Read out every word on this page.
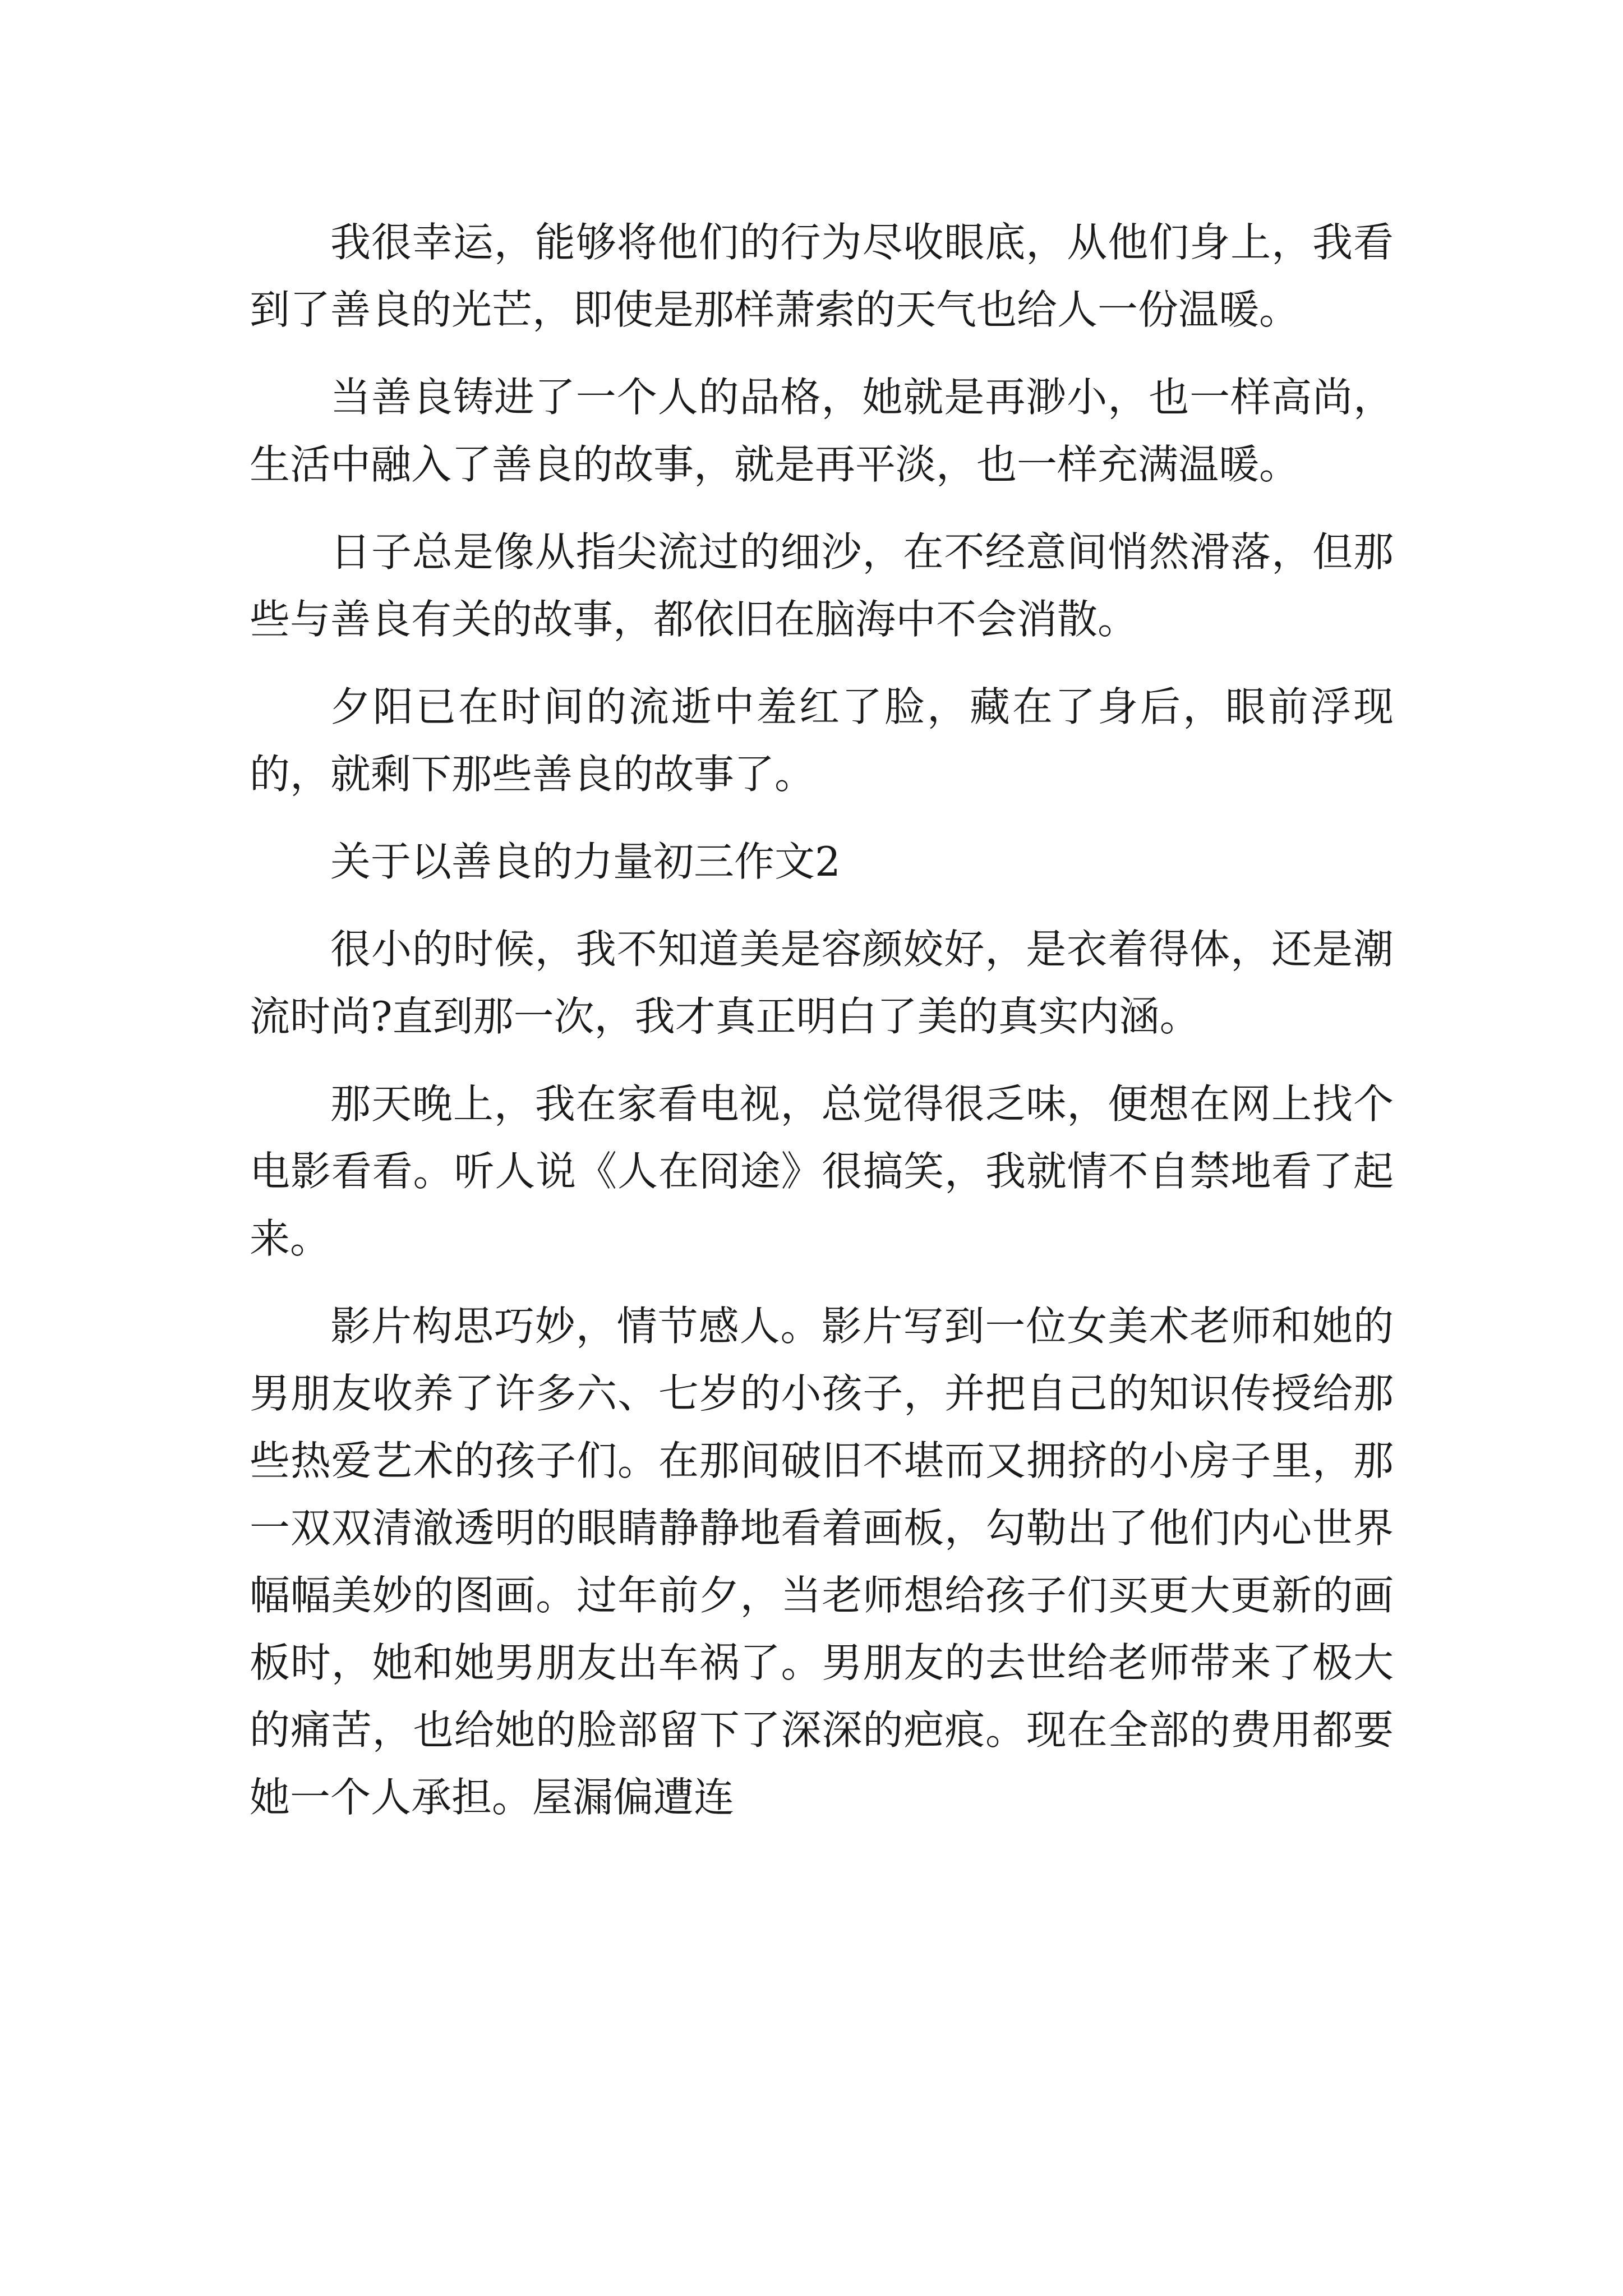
我很幸运，能够将他们的行为尽收眼底，从他们身上，我看到了善良的光芒，即使是那样萧索的天气也给人一份温暖。

当善良铸进了一个人的品格，她就是再渺小，也一样高尚，生活中融入了善良的故事，就是再平淡，也一样充满温暖。

日子总是像从指尖流过的细沙，在不经意间悄然滑落，但那些与善良有关的故事，都依旧在脑海中不会消散。

夕阳已在时间的流逝中羞红了脸，藏在了身后，眼前浮现的，就剩下那些善良的故事了。

关于以善良的力量初三作文2

很小的时候，我不知道美是容颜姣好，是衣着得体，还是潮流时尚?直到那一次，我才真正明白了美的真实内涵。

那天晚上，我在家看电视，总觉得很乏味，便想在网上找个电影看看。听人说《人在冏途》很搞笑，我就情不自禁地看了起来。

影片构思巧妙，情节感人。影片写到一位女美术老师和她的男朋友收养了许多六、七岁的小孩子，并把自己的知识传授给那些热爱艺术的孩子们。在那间破旧不堪而又拥挤的小房子里，那一双双清澈透明的眼睛静静地看着画板，勾勒出了他们内心世界幅幅美妙的图画。过年前夕，当老师想给孩子们买更大更新的画板时，她和她男朋友出车祸了。男朋友的去世给老师带来了极大的痛苦，也给她的脸部留下了深深的疤痕。现在全部的费用都要她一个人承担。屋漏偏遭连
